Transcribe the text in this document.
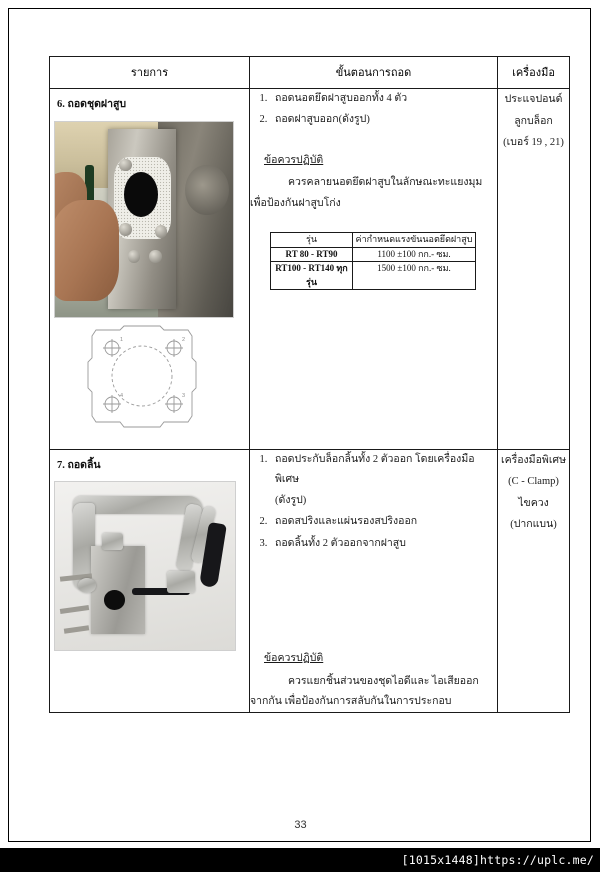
รายการ	ขั้นตอนการถอด	เครื่องมือ

6. ถอดชุดฝาสูบ
1	2
3
4

1. ถอดนอตยึดฝาสูบออกทั้ง 4 ตัว
2. ถอดฝาสูบออก(ดังรูป)
ข้อควรปฏิบัติ
ควรคลายนอตยึดฝาสูบในลักษณะทะแยงมุม
เพื่อป้องกันฝาสูบโก่ง
รุ่น	ค่ากำหนดแรงขันนอตยึดฝาสูบ
RT 80 - RT90	1100 ±100 กก.- ซม.
RT100 - RT140 ทุกรุ่น	1500 ±100 กก.- ซม.

ประแจปอนด์
ลูกบล็อก
(เบอร์ 19 , 21)

7. ถอดลิ้น

1. ถอดประกับล็อกลิ้นทั้ง 2 ตัวออก โดยเครื่องมือพิเศษ
(ดังรูป)
2. ถอดสปริงและแผ่นรองสปริงออก
3. ถอดลิ้นทั้ง 2 ตัวออกจากฝาสูบ
ข้อควรปฏิบัติ
ควรแยกชิ้นส่วนของชุดไอดีและ ไอเสียออก
จากกัน เพื่อป้องกันการสลับกันในการประกอบ

เครื่องมือพิเศษ
(C - Clamp)
ไขควง
(ปากแบน)
33
[1015x1448]https://uplc.me/
